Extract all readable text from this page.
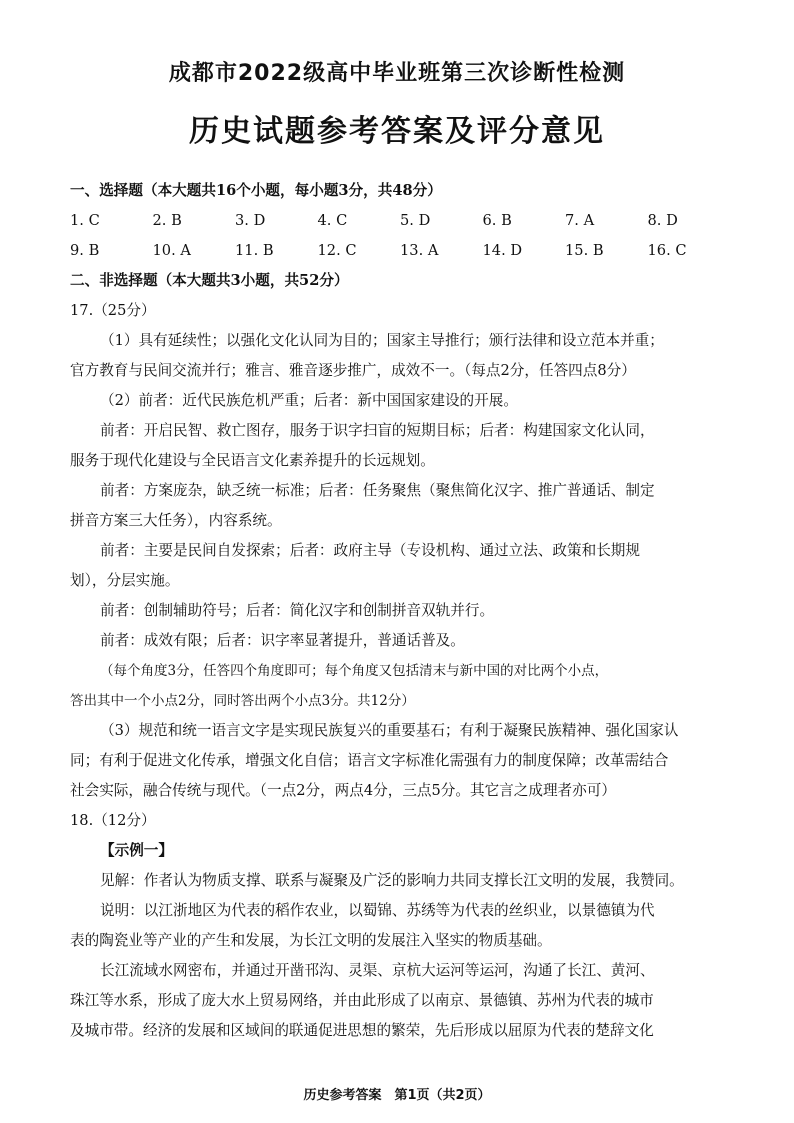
成都市2022级高中毕业班第三次诊断性检测
历史试题参考答案及评分意见
一、选择题（本大题共16个小题，每小题3分，共48分）
1. C	2. B	3. D	4. C	5. D	6. B	7. A	8. D
9. B	10. A	11. B	12. C	13. A	14. D	15. B	16. C
二、非选择题（本大题共3小题，共52分）
17.（25分）
（1）具有延续性；以强化文化认同为目的；国家主导推行；颁行法律和设立范本并重；
官方教育与民间交流并行；雅言、雅音逐步推广，成效不一。（每点2分，任答四点8分）
（2）前者：近代民族危机严重；后者：新中国国家建设的开展。
前者：开启民智、救亡图存，服务于识字扫盲的短期目标；后者：构建国家文化认同，
服务于现代化建设与全民语言文化素养提升的长远规划。
前者：方案庞杂，缺乏统一标准；后者：任务聚焦（聚焦简化汉字、推广普通话、制定
拼音方案三大任务），内容系统。
前者：主要是民间自发探索；后者：政府主导（专设机构、通过立法、政策和长期规
划），分层实施。
前者：创制辅助符号；后者：简化汉字和创制拼音双轨并行。
前者：成效有限；后者：识字率显著提升，普通话普及。
（每个角度3分，任答四个角度即可；每个角度又包括清末与新中国的对比两个小点，
答出其中一个小点2分，同时答出两个小点3分。共12分）
（3）规范和统一语言文字是实现民族复兴的重要基石；有利于凝聚民族精神、强化国家认
同；有利于促进文化传承，增强文化自信；语言文字标准化需强有力的制度保障；改革需结合
社会实际，融合传统与现代。（一点2分，两点4分，三点5分。其它言之成理者亦可）
18.（12分）
【示例一】
见解：作者认为物质支撑、联系与凝聚及广泛的影响力共同支撑长江文明的发展，我赞同。
说明：以江浙地区为代表的稻作农业，以蜀锦、苏绣等为代表的丝织业，以景德镇为代
表的陶瓷业等产业的产生和发展，为长江文明的发展注入坚实的物质基础。
长江流域水网密布，并通过开凿邗沟、灵渠、京杭大运河等运河，沟通了长江、黄河、
珠江等水系，形成了庞大水上贸易网络，并由此形成了以南京、景德镇、苏州为代表的城市
及城市带。经济的发展和区域间的联通促进思想的繁荣，先后形成以屈原为代表的楚辞文化
历史参考答案　第1页（共2页）
